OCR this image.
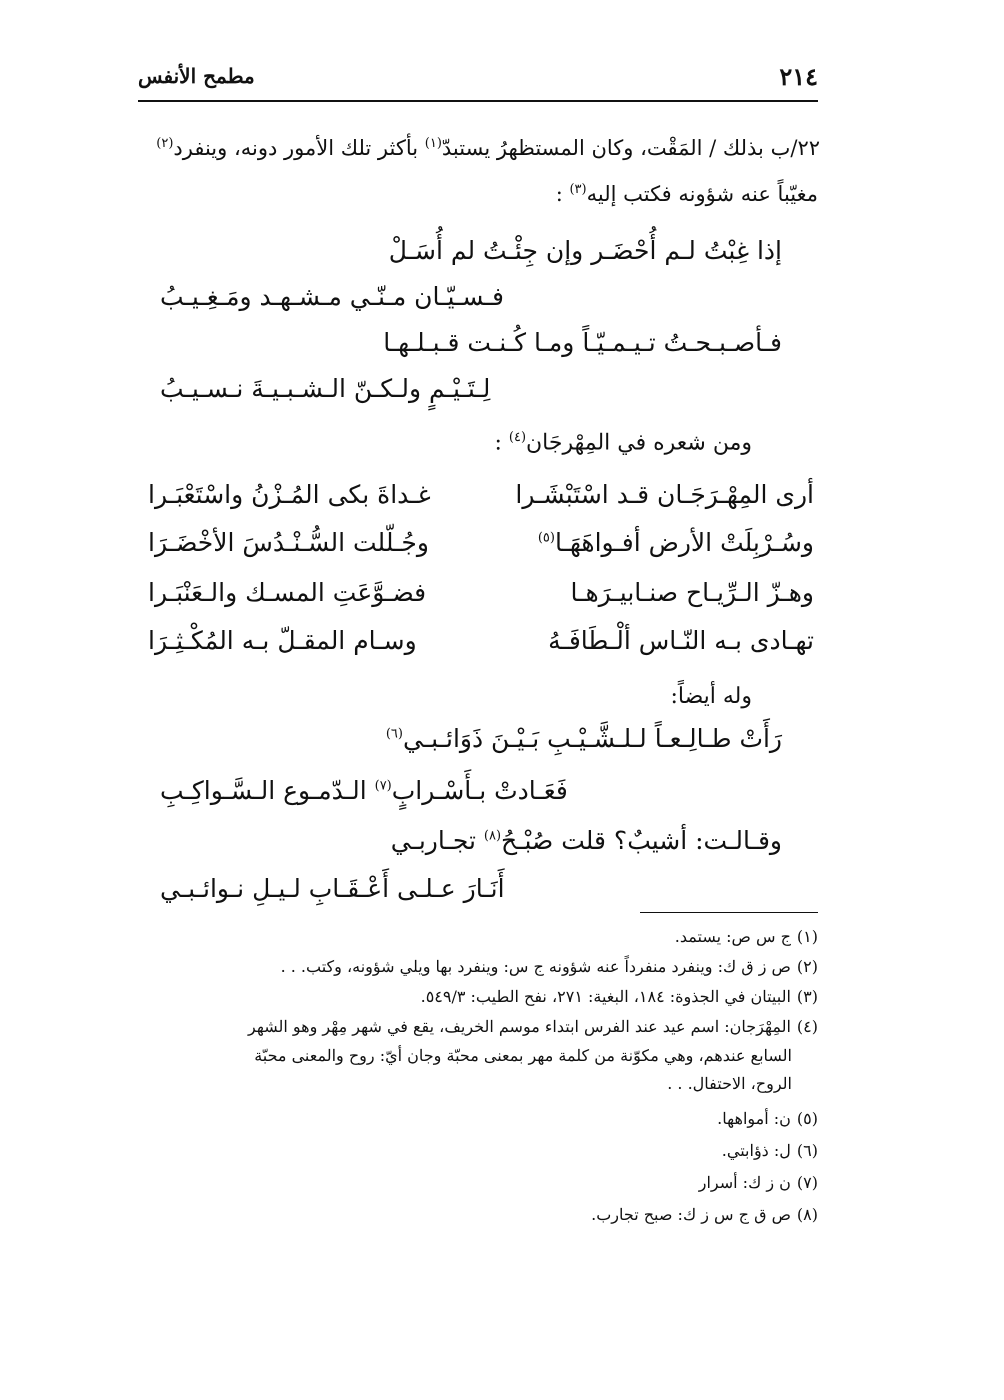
٢١٤
مطمح الأنفس
٢٢/ب بذلك / المَقْت، وكان المستظهرُ يستبدّ$^{(١)}$ بأكثر تلك الأمور دونه، وينفرد$^{(٢)}$
مغيّباً عنه شؤونه فكتب إليه$^{(٣)}$ :
إذا غِبْتُ لـم أُحْضَـر وإن جِئْـتُ لم أُسَـلْ
فـسـيّـان مـنّـي مـشـهـد ومَـغِـيـبُ
فـأصـبـحـتُ تـيـمـيّـاً ومـا كُـنـت قـبـلـهـا
لِـتَـيْـمٍ ولـكـنّ الـشـبـيـةَ نـسـيـبُ
ومن شعره في المِهْرجَان$^{(٤)}$ :
أرى المِهْـرَجَـان قـد اسْتَبْشَـرا
غـداةَ بكى المُـزْنُ واسْتَعْبَـرا
وسُـرْبِلَتْ الأرض أفـواهَهَـا$^{(٥)}$
وجُـلّلت السُّـنْـدُسَ الأخْضَـرَا
وهـزّ الـرِّيـاح صنـابيـرَهـا
فضـوَّعَتِ المسـك والـعَنْبَـرا
تهـادى بـه النّـاس ألْـطَافَـهُ
وسـام المقـلّ بـه المُكْـثِـرَا
وله أيضاً:
رَأَتْ طـالِـعـاً لـلـشَّـيْـبِ بَـيْـنَ ذَوَائـبـي$^{(٦)}$
فَعَـادتْ بـأَسْـرابٍ$^{(٧)}$ الـدّمـوع الـسَّـواكِـبِ
وقـالـت: أشيبٌ؟ قلت صُبْـحُ$^{(٨)}$ تجـاربـي
أَنَـارَ عـلـى أَعْـقَـابِ لـيـلِ نـوائـبـي
(١)ج س ص: يستمد.
(٢)ص ز ق ك: وينفرد منفرداً عنه شؤونه ج س: وينفرد بها ويلي شؤونه، وكتب. . .
(٣)البيتان في الجذوة: ١٨٤، البغية: ٢٧١، نفح الطيب: ٥٤٩/٣.
(٤)المِهْرَجان: اسم عيد عند الفرس ابتداء موسم الخريف، يقع في شهر مِهْر وهو الشهر
السابع عندهم، وهي مكوّنة من كلمة مهر بمعنى محبّة وجان أيّ: روح والمعنى محبّة
الروح، الاحتفال. . .
(٥)ن: أمواهها.
(٦)ل: ذؤابتي.
(٧)ن ز ك: أسرار
(٨)ص ق ج س ز ك: صبح تجارب.
